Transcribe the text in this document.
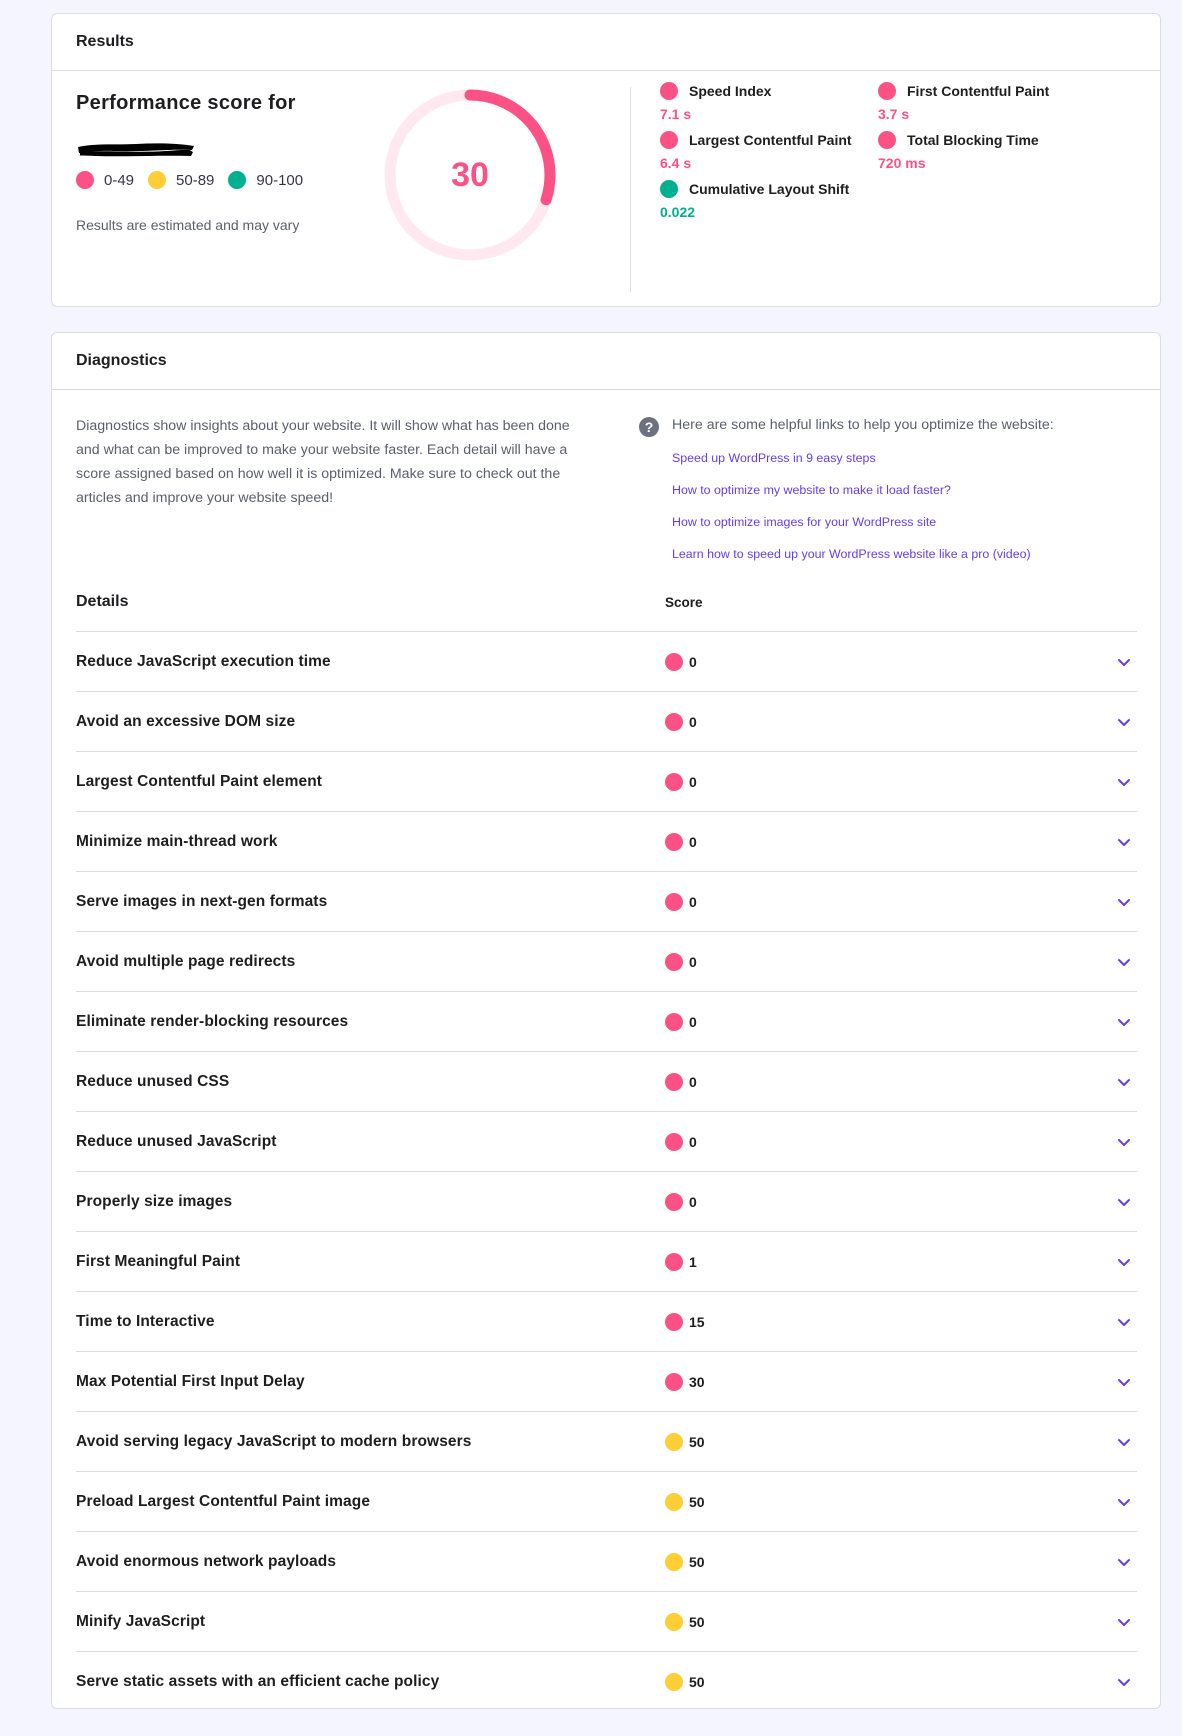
Results
Performance score for
0-49	50-89	90-100
Results are estimated and may vary
30
Speed Index
7.1 s
First Contentful Paint
3.7 s
Largest Contentful Paint
6.4 s
Total Blocking Time
720 ms
Cumulative Layout Shift
0.022
Diagnostics
Diagnostics show insights about your website. It will show what has been done and what can be improved to make your website faster. Each detail will have a score assigned based on how well it is optimized. Make sure to check out the articles and improve your website speed!
?	Here are some helpful links to help you optimize the website:
Speed up WordPress in 9 easy steps
How to optimize my website to make it load faster?
How to optimize images for your WordPress site
Learn how to speed up your WordPress website like a pro (video)
Details	Score
Reduce JavaScript execution time	0
Avoid an excessive DOM size	0
Largest Contentful Paint element	0
Minimize main-thread work	0
Serve images in next-gen formats	0
Avoid multiple page redirects	0
Eliminate render-blocking resources	0
Reduce unused CSS	0
Reduce unused JavaScript	0
Properly size images	0
First Meaningful Paint	1
Time to Interactive	15
Max Potential First Input Delay	30
Avoid serving legacy JavaScript to modern browsers	50
Preload Largest Contentful Paint image	50
Avoid enormous network payloads	50
Minify JavaScript	50
Serve static assets with an efficient cache policy	50
